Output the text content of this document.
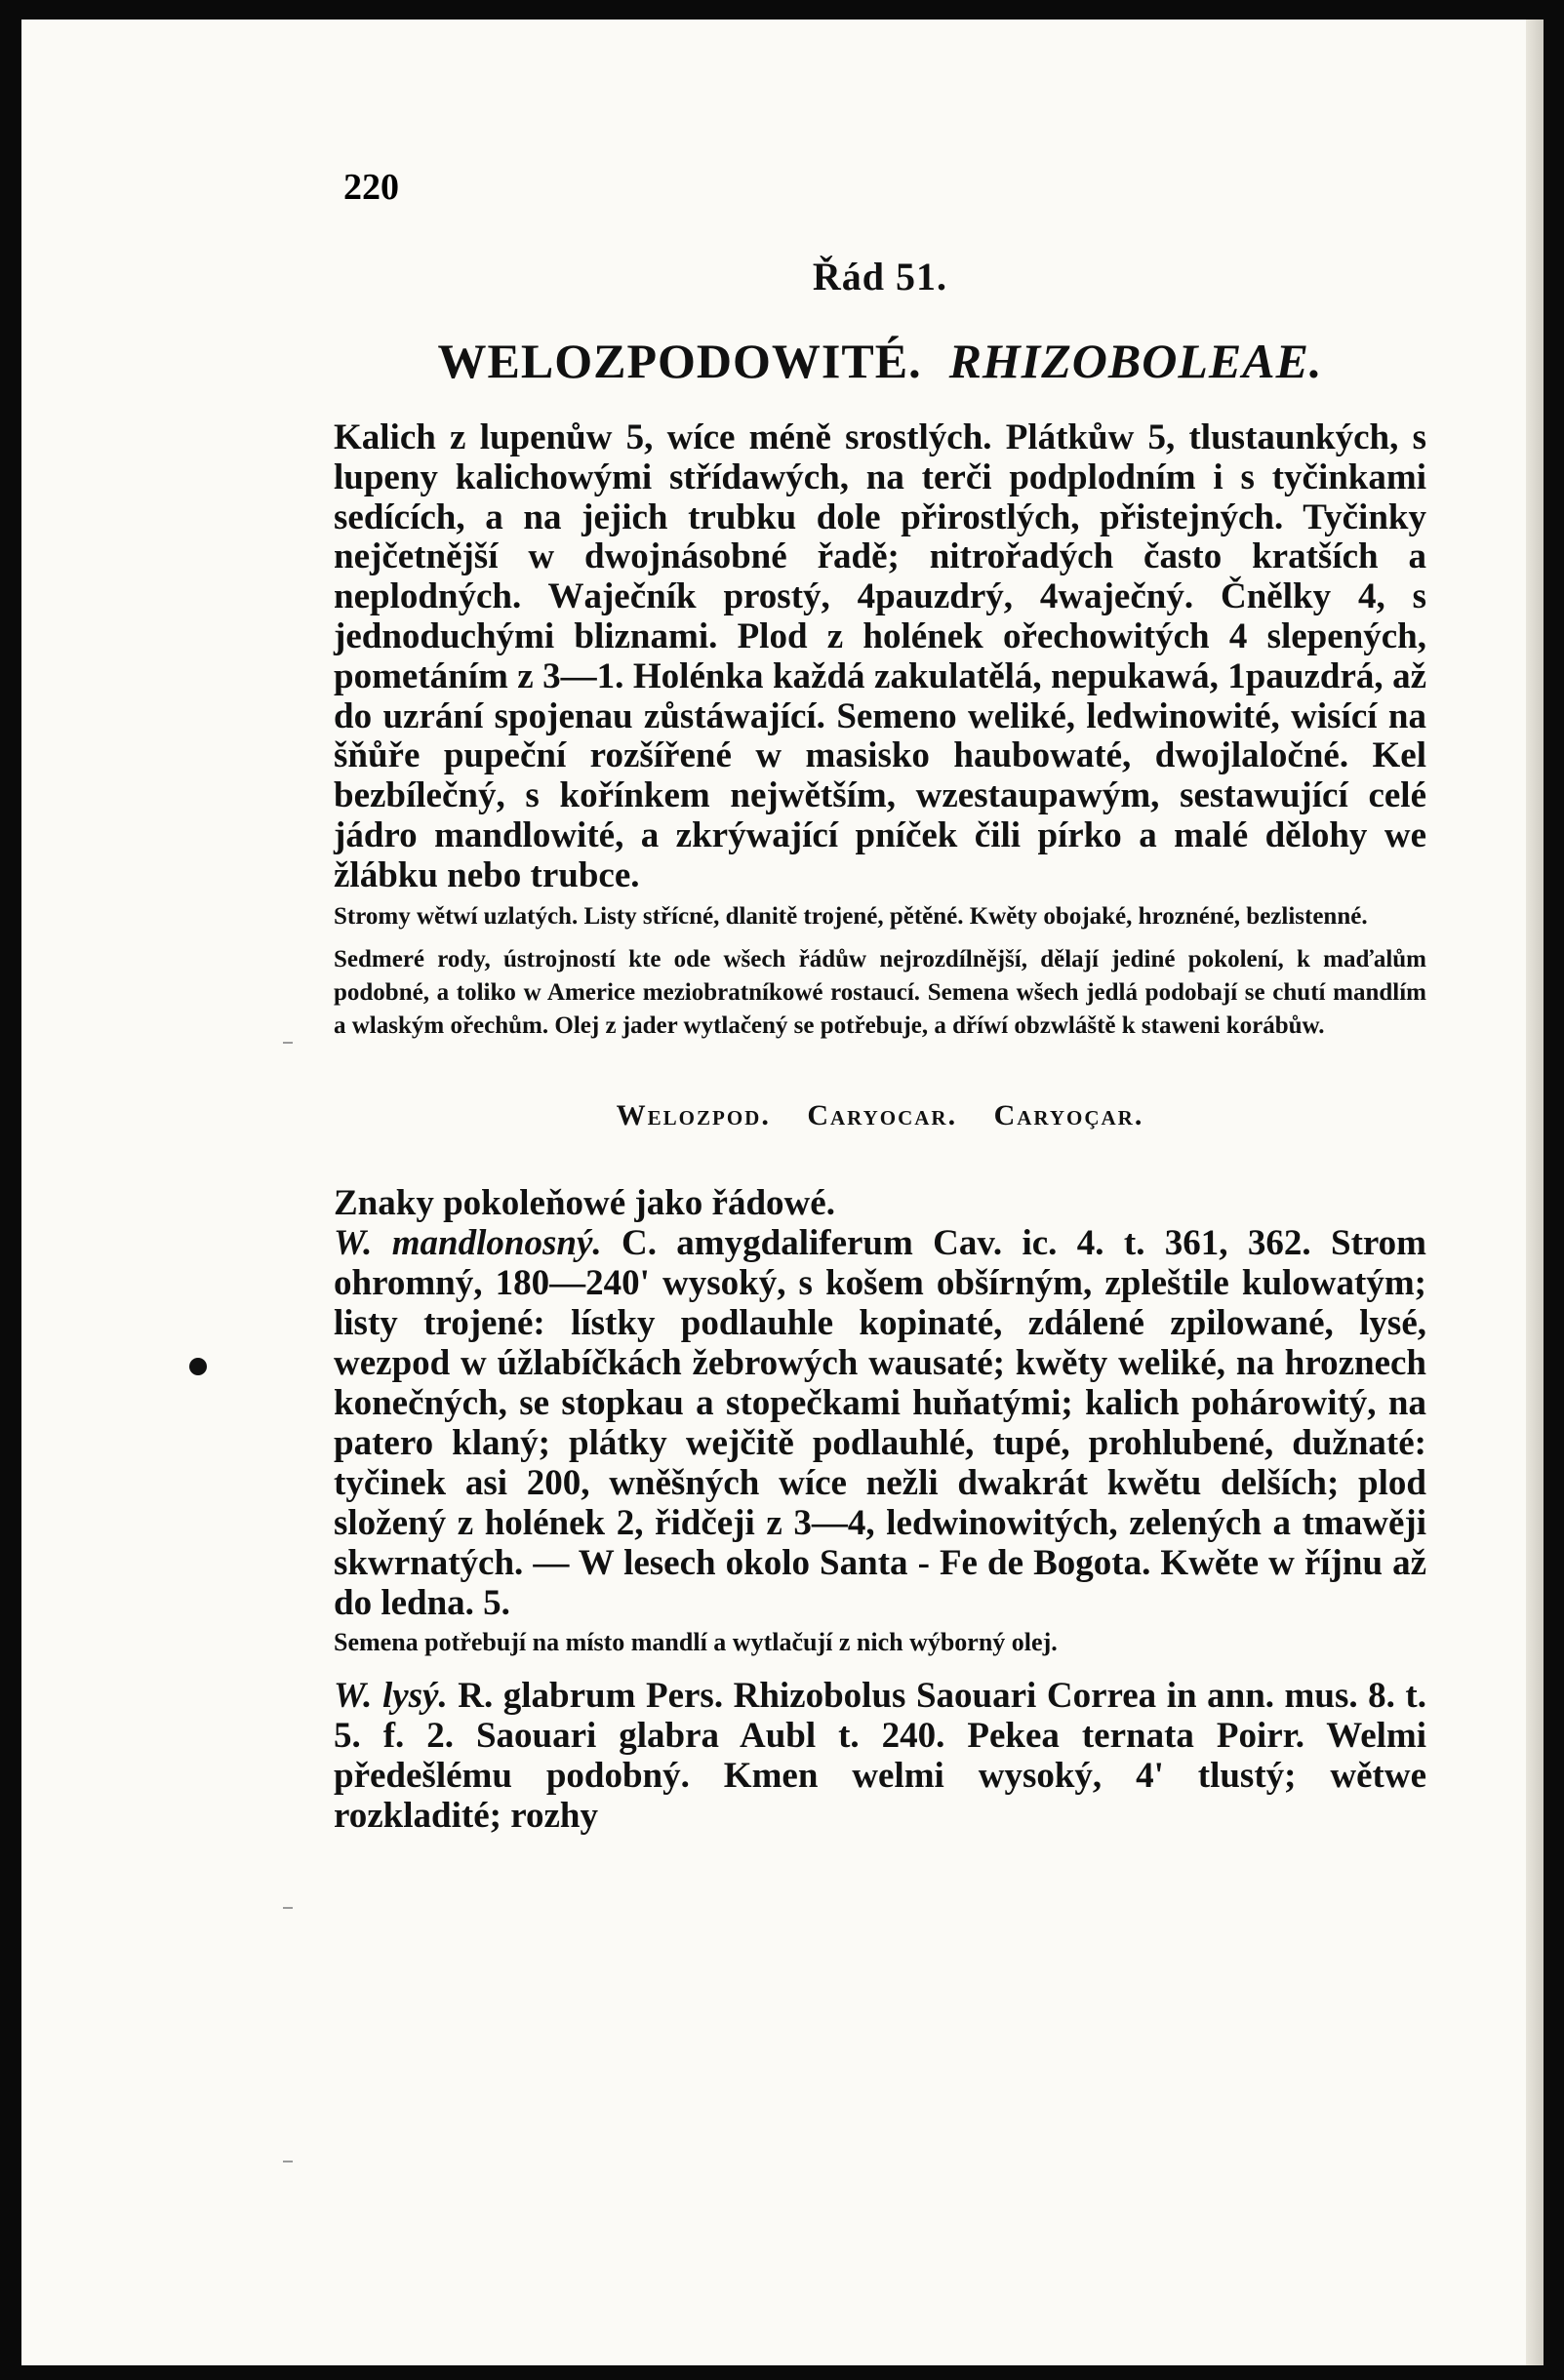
220
Řád 51.
WELOZPODOWITÉ. RHIZOBOLEAE.

Kalich z lupenůw 5, wíce méně srostlých. Plátkůw 5, tlustaunkých, s lupeny kalichowými střídawých, na terči podplodním i s tyčinkami sedících, a na jejich trubku dole přirostlých, přistejných. Tyčinky nejčetnější w dwojnásobné řadě; nitrořadých často kratších a neplodných. Wаječník prostý, 4pauzdrý, 4wаječný. Čnělky 4, s jednoduchými bliznami. Plod z holének ořechowitých 4 slepených, pometáním z 3—1. Holénka každá zakulatělá, nepukawá, 1pauzdrá, až do uzrání spojenau zůstáwající. Semeno weliké, ledwinowité, wisící na šňůře pupeční rozšířené w masisko haubowaté, dwojlaločné. Kel bezbílečný, s kořínkem nejwětším, wzestaupawým, sestawující celé jádro mandlowité, a zkrýwající pníček čili pírko a malé dělohy we žlábku nebo trubce.

Stromy wětwí uzlatých. Listy střícné, dlanitě trojené, pětěné. Kwěty obojaké, hroznéné, bezlistenné.

Sedmeré rody, ústrojností kte ode wšech řádůw nejrozdílnější, dělají jediné pokolení, k maďalům podobné, a toliko w Americe meziobratníkowé rostaucí. Semena wšech jedlá podobají se chutí mandlím a wlaským ořechům. Olej z jader wytlačený se potřebuje, a dříwí obzwláště k staweni korábůw.

Welozpod. Caryocar. Caryoçar.

Znaky pokoleňowé jako řádowé.

W. mandlonosný. C. amygdaliferum Cav. ic. 4. t. 361, 362. Strom ohromný, 180—240' wysoký, s košem obšírným, zpleštile kulowatým; listy trojené: lístky podlauhle kopinaté, zdálené zpilowané, lysé, wezpod w úžlabíčkách žebrowých wausaté; kwěty weliké, na hroznech konečných, se stopkau a stopečkami huňatými; kalich pohárowitý, na patero klaný; plátky wejčitě podlauhlé, tupé, prohlubené, dužnaté: tyčinek asi 200, wněšných wíce nežli dwakrát kwětu delších; plod složený z holének 2, řidčeji z 3—4, ledwinowitých, zelených a tmawěji skwrnatých. — W lesech okolo Santa - Fe de Bogota. Kwěte w říjnu až do ledna. 5.

Semena potřebují na místo mandlí a wytlačují z nich wýborný olej.

W. lysý. R. glabrum Pers. Rhizobolus Saouari Correa in ann. mus. 8. t. 5. f. 2. Saouari glabra Aubl t. 240. Pekea ternata Poirr. Welmi předešlému podobný. Kmen welmi wysoký, 4' tlustý; wětwe rozkladité; rozhy
